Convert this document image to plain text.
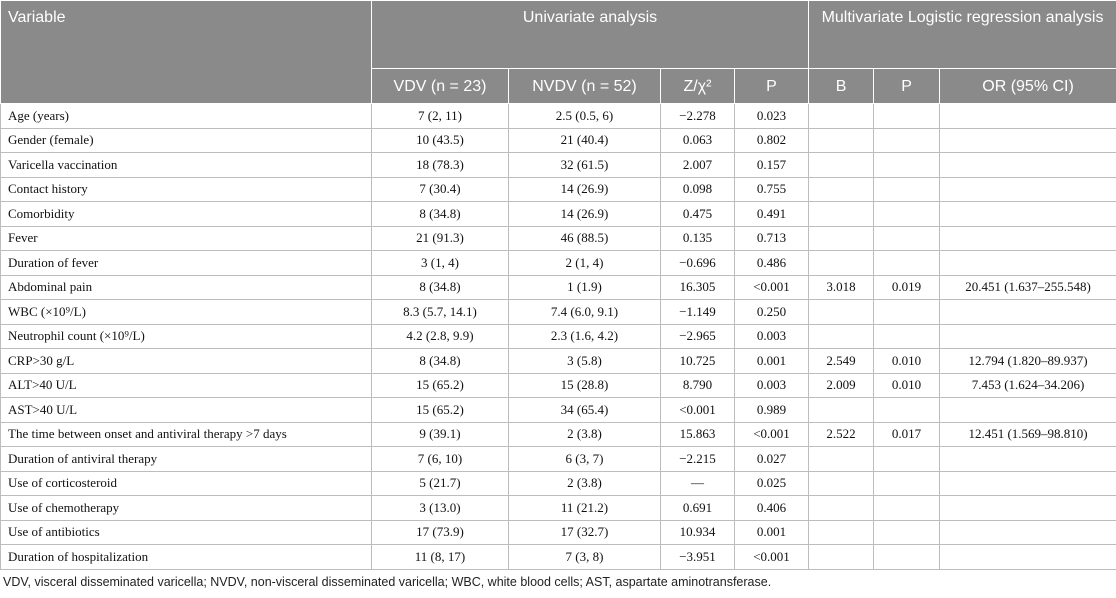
Variable	Univariate analysis				Multivariate Logistic regression analysis		
	VDV (n = 23)	NVDV (n = 52)	Z/χ²	P	B	P	OR (95% CI)
Age (years)	7 (2, 11)	2.5 (0.5, 6)	−2.278	0.023			
Gender (female)	10 (43.5)	21 (40.4)	0.063	0.802			
Varicella vaccination	18 (78.3)	32 (61.5)	2.007	0.157			
Contact history	7 (30.4)	14 (26.9)	0.098	0.755			
Comorbidity	8 (34.8)	14 (26.9)	0.475	0.491			
Fever	21 (91.3)	46 (88.5)	0.135	0.713			
Duration of fever	3 (1, 4)	2 (1, 4)	−0.696	0.486			
Abdominal pain	8 (34.8)	1 (1.9)	16.305	<0.001	3.018	0.019	20.451 (1.637–255.548)
WBC (×10⁹/L)	8.3 (5.7, 14.1)	7.4 (6.0, 9.1)	−1.149	0.250			
Neutrophil count (×10⁹/L)	4.2 (2.8, 9.9)	2.3 (1.6, 4.2)	−2.965	0.003			
CRP>30 g/L	8 (34.8)	3 (5.8)	10.725	0.001	2.549	0.010	12.794 (1.820–89.937)
ALT>40 U/L	15 (65.2)	15 (28.8)	8.790	0.003	2.009	0.010	7.453 (1.624–34.206)
AST>40 U/L	15 (65.2)	34 (65.4)	<0.001	0.989			
The time between onset and antiviral therapy >7 days	9 (39.1)	2 (3.8)	15.863	<0.001	2.522	0.017	12.451 (1.569–98.810)
Duration of antiviral therapy	7 (6, 10)	6 (3, 7)	−2.215	0.027			
Use of corticosteroid	5 (21.7)	2 (3.8)	—	0.025			
Use of chemotherapy	3 (13.0)	11 (21.2)	0.691	0.406			
Use of antibiotics	17 (73.9)	17 (32.7)	10.934	0.001			
Duration of hospitalization	11 (8, 17)	7 (3, 8)	−3.951	<0.001			
VDV, visceral disseminated varicella; NVDV, non-visceral disseminated varicella; WBC, white blood cells; AST, aspartate aminotransferase.
